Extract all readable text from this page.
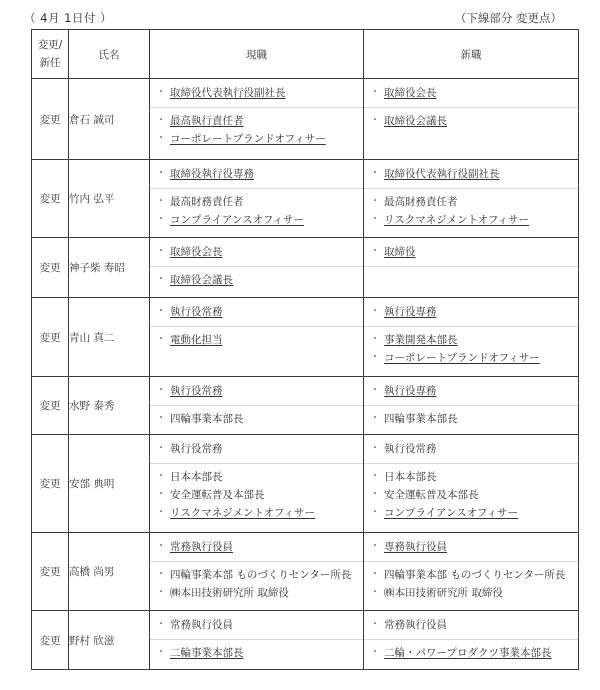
（ 4月 1日付 ）	（下線部分 変更点）
変更/
新任	氏名	現職	新職
変更	倉石 誠司	
・ 取締役代表執行役副社長
・ 最高執行責任者
・ コーポレートブランドオフィサー

・ 取締役会長
・ 取締役会議長

変更	竹内 弘平	
・ 取締役執行役専務
・ 最高財務責任者
・ コンプライアンスオフィサー

・ 取締役代表執行役副社長
・ 最高財務責任者
・ リスクマネジメントオフィサー

変更	神子柴 寿昭	
・ 取締役会長
・ 取締役会議長

・ 取締役

変更	青山 真二	
・ 執行役常務
・ 電動化担当

・ 執行役専務
・ 事業開発本部長
・ コーポレートブランドオフィサー

変更	水野 泰秀	
・ 執行役常務
・ 四輪事業本部長

・ 執行役専務
・ 四輪事業本部長

変更	安部 典明	
・ 執行役常務
・ 日本本部長
・ 安全運転普及本部長
・ リスクマネジメントオフィサー

・ 執行役常務
・ 日本本部長
・ 安全運転普及本部長
・ コンプライアンスオフィサー

変更	高橋 尚男	
・ 常務執行役員
・ 四輪事業本部 ものづくりセンター所長
・ ㈱本田技術研究所 取締役

・ 専務執行役員
・ 四輪事業本部 ものづくりセンター所長
・ ㈱本田技術研究所 取締役

変更	野村 欣滋	
・ 常務執行役員
・ 二輪事業本部長

・ 常務執行役員
・ 二輪・パワープロダクツ事業本部長
